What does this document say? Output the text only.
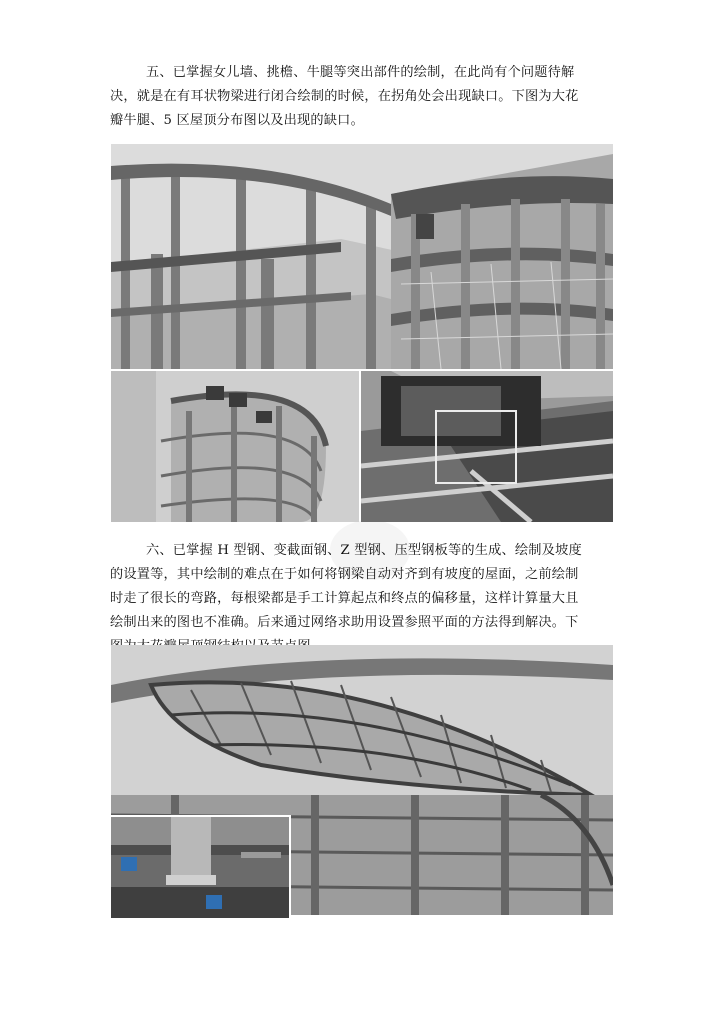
五、已掌握女儿墙、挑檐、牛腿等突出部件的绘制，在此尚有个问题待解
决，就是在有耳状物梁进行闭合绘制的时候，在拐角处会出现缺口。下图为大花
瓣牛腿、5 区屋顶分布图以及出现的缺口。
六、已掌握 H 型钢、变截面钢、Z 型钢、压型钢板等的生成、绘制及坡度
的设置等，其中绘制的难点在于如何将钢梁自动对齐到有坡度的屋面，之前绘制
时走了很长的弯路，每根梁都是手工计算起点和终点的偏移量，这样计算量大且
绘制出来的图也不准确。后来通过网络求助用设置参照平面的方法得到解决。下
